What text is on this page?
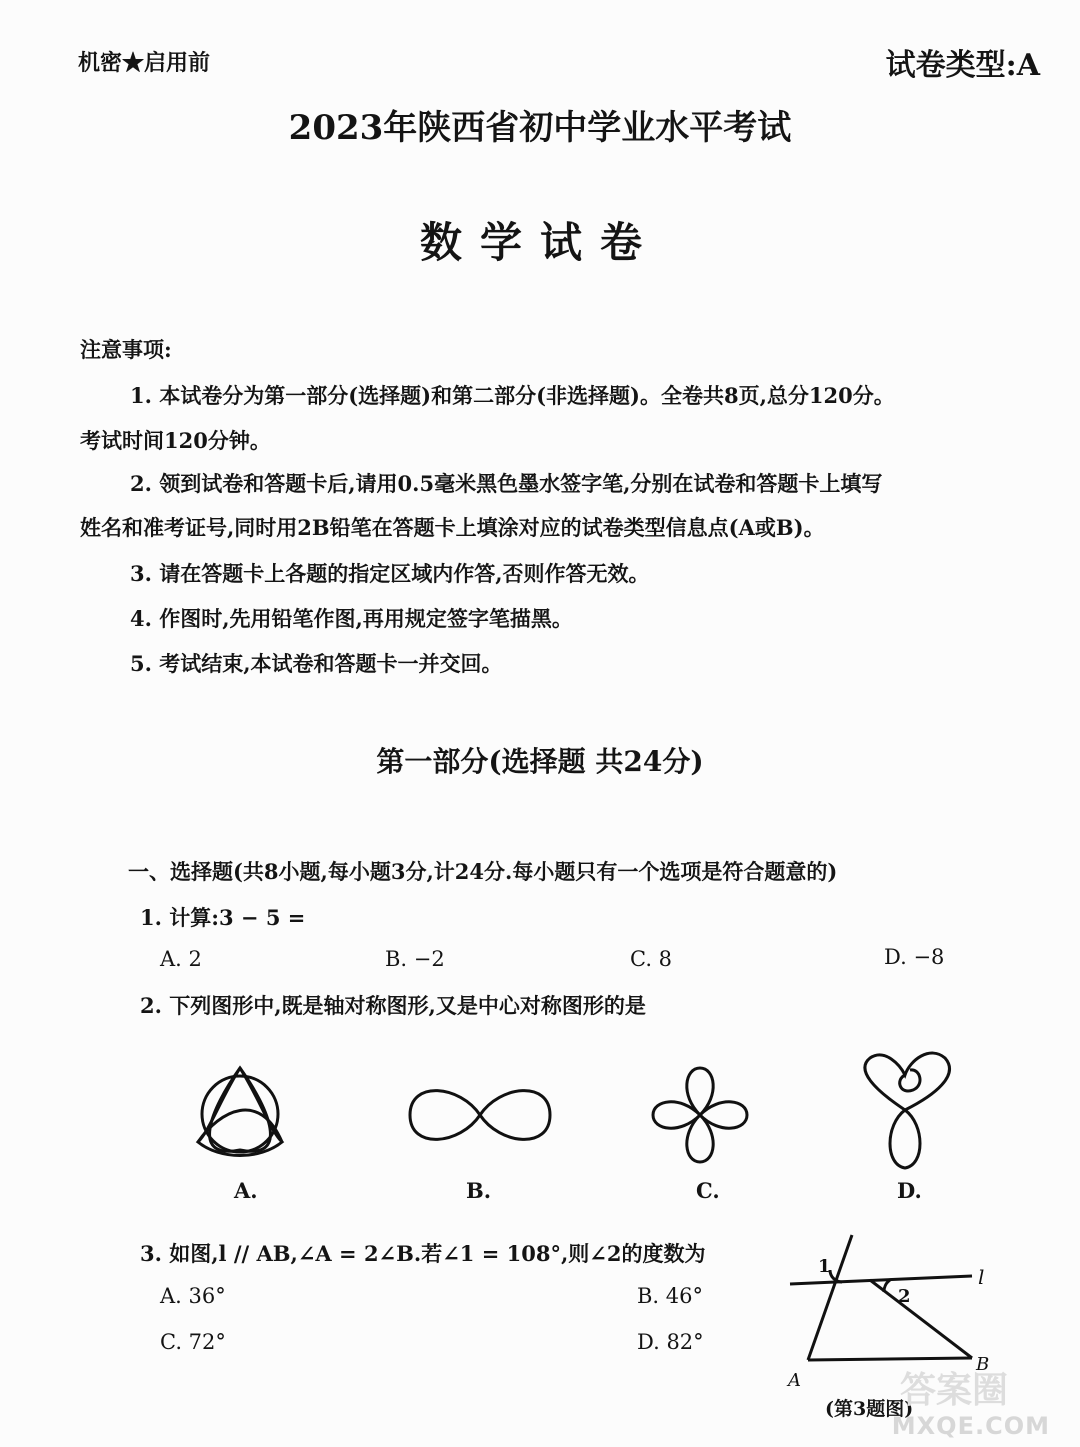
机密★启用前	试卷类型:A
2023年陕西省初中学业水平考试
数学试卷
注意事项:
1. 本试卷分为第一部分(选择题)和第二部分(非选择题)。全卷共8页,总分120分。
考试时间120分钟。
2. 领到试卷和答题卡后,请用0.5毫米黑色墨水签字笔,分别在试卷和答题卡上填写
姓名和准考证号,同时用2B铅笔在答题卡上填涂对应的试卷类型信息点(A或B)。
3. 请在答题卡上各题的指定区域内作答,否则作答无效。
4. 作图时,先用铅笔作图,再用规定签字笔描黑。
5. 考试结束,本试卷和答题卡一并交回。
第一部分(选择题 共24分)
一、选择题(共8小题,每小题3分,计24分.每小题只有一个选项是符合题意的)
1. 计算:3 − 5 =
A. 2	B. −2	C. 8	D. −8
2. 下列图形中,既是轴对称图形,又是中心对称图形的是
A.	B.	C.	D.
3. 如图,l // AB,∠A = 2∠B.若∠1 = 108°,则∠2的度数为
A. 36°	B. 46°
C. 72°	D. 82°
1
2
l
A
B
(第3题图)
答案圈
MXQE.COM
